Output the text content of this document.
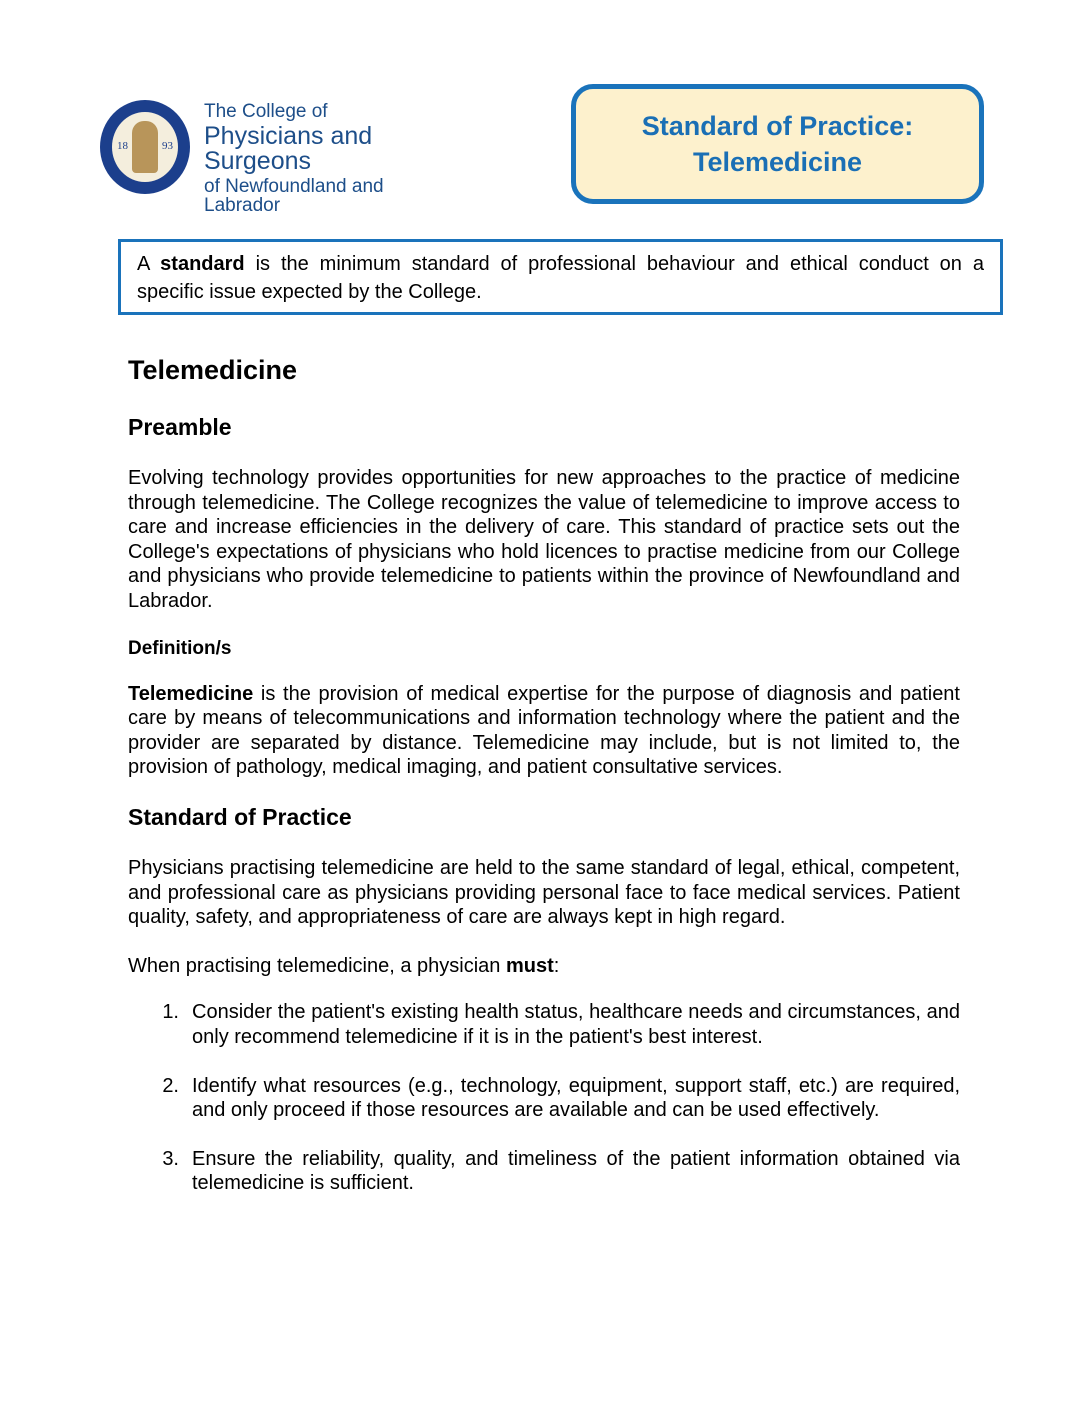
18	93
The College of
Physicians and Surgeons
of Newfoundland and Labrador
Standard of Practice:
Telemedicine
A standard is the minimum standard of professional behaviour and ethical conduct on a specific issue expected by the College.
Telemedicine
Preamble

Evolving technology provides opportunities for new approaches to the practice of medicine through telemedicine. The College recognizes the value of telemedicine to improve access to care and increase efficiencies in the delivery of care. This standard of practice sets out the College's expectations of physicians who hold licences to practise medicine from our College and physicians who provide telemedicine to patients within the province of Newfoundland and Labrador.

Definition/s

Telemedicine is the provision of medical expertise for the purpose of diagnosis and patient care by means of telecommunications and information technology where the patient and the provider are separated by distance. Telemedicine may include, but is not limited to, the provision of pathology, medical imaging, and patient consultative services.

Standard of Practice

Physicians practising telemedicine are held to the same standard of legal, ethical, competent, and professional care as physicians providing personal face to face medical services. Patient quality, safety, and appropriateness of care are always kept in high regard.

When practising telemedicine, a physician must:

1. Consider the patient's existing health status, healthcare needs and circumstances, and only recommend telemedicine if it is in the patient's best interest.
2. Identify what resources (e.g., technology, equipment, support staff, etc.) are required, and only proceed if those resources are available and can be used effectively.
3. Ensure the reliability, quality, and timeliness of the patient information obtained via telemedicine is sufficient.
